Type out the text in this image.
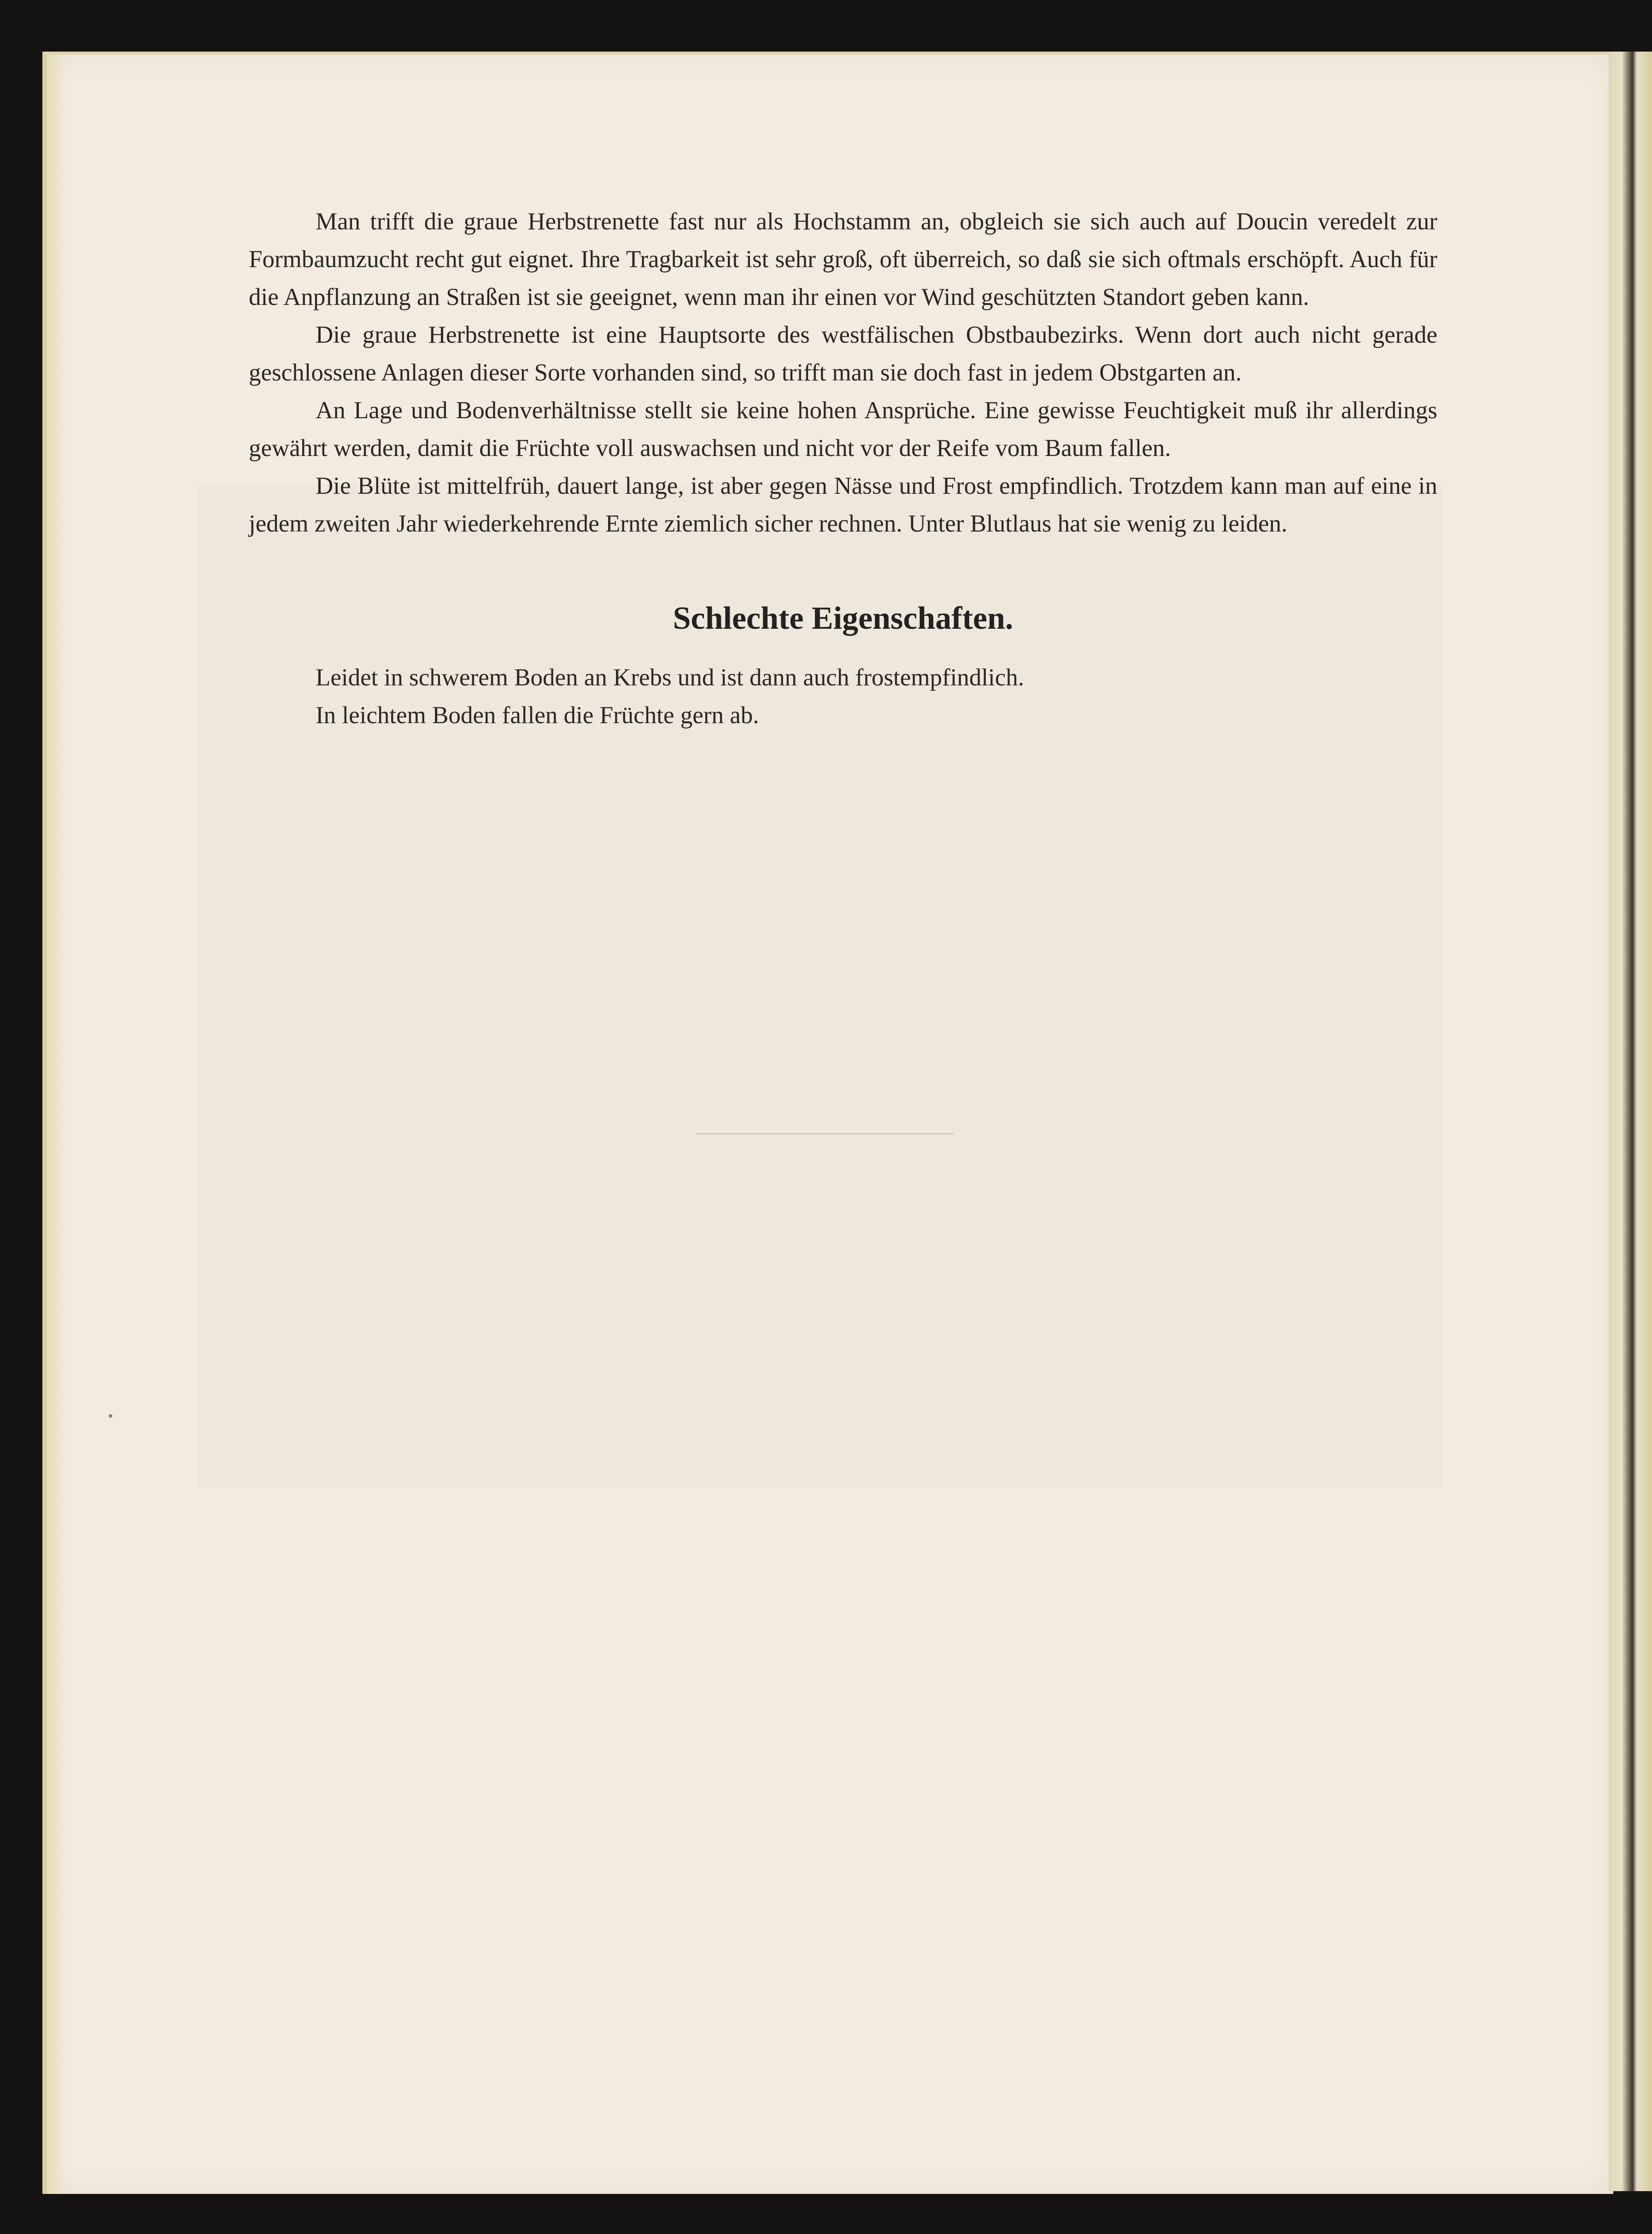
Man trifft die graue Herbstrenette fast nur als Hochstamm an, obgleich sie sich auch auf Doucin veredelt zur Formbaumzucht recht gut eignet. Ihre Tragbarkeit ist sehr groß, oft überreich, so daß sie sich oftmals erschöpft. Auch für die Anpflanzung an Straßen ist sie geeignet, wenn man ihr einen vor Wind geschützten Standort geben kann.

Die graue Herbstrenette ist eine Hauptsorte des westfälischen Obstbaubezirks. Wenn dort auch nicht gerade geschlossene Anlagen dieser Sorte vorhanden sind, so trifft man sie doch fast in jedem Obstgarten an.

An Lage und Bodenverhältnisse stellt sie keine hohen Ansprüche. Eine gewisse Feuchtigkeit muß ihr allerdings gewährt werden, damit die Früchte voll auswachsen und nicht vor der Reife vom Baum fallen.

Die Blüte ist mittelfrüh, dauert lange, ist aber gegen Nässe und Frost empfindlich. Trotzdem kann man auf eine in jedem zweiten Jahr wiederkehrende Ernte ziemlich sicher rechnen. Unter Blutlaus hat sie wenig zu leiden.

Schlechte Eigenschaften.
Leidet in schwerem Boden an Krebs und ist dann auch frostempfindlich.
In leichtem Boden fallen die Früchte gern ab.
